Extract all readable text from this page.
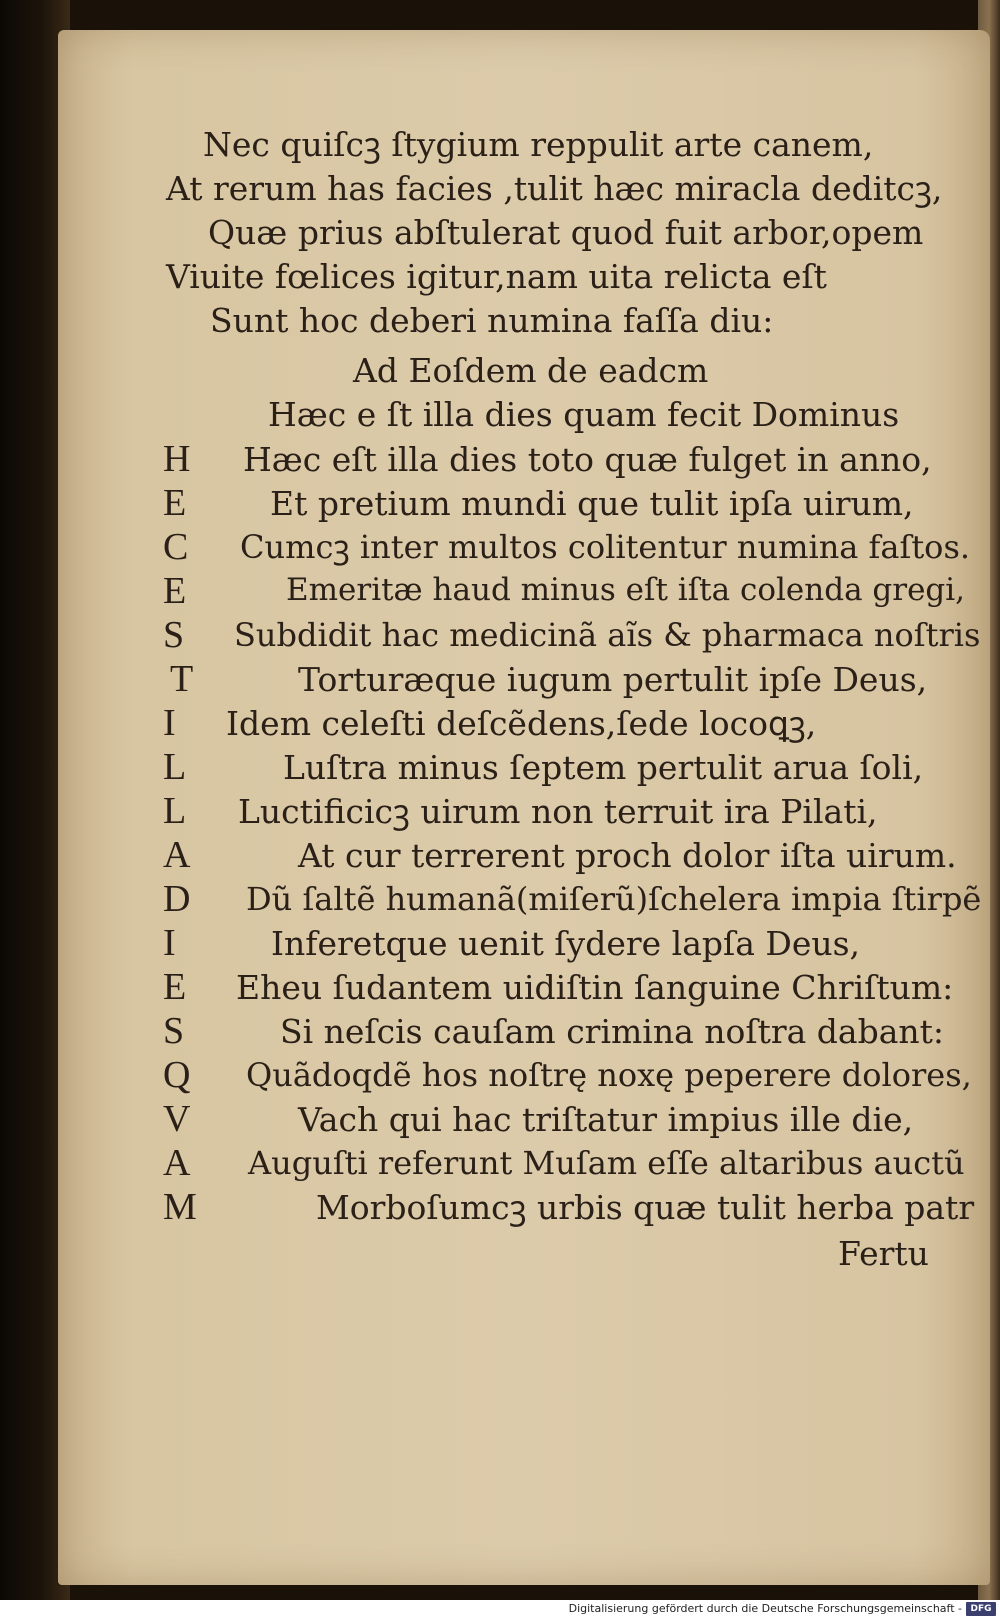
Nec quiſcꝫ ſtygium reppulit arte canem,
At rerum has facies ,tulit hæc miracla deditcꝫ,
Quæ prius abſtulerat quod fuit arbor,opem
Viuite fœlices igitur,nam uita relicta eſt
Sunt hoc deberi numina faſſa diu:
Ad Eoſdem de eadcm
Hæc e ſt illa dies quam fecit Dominus
H
E
C
E
S
T
I
L
L
A
D
I
E
S
Q
V
A
M
Hæc eſt illa dies toto quæ fulget in anno,
Et pretium mundi que tulit ipſa uirum,
Cumcꝫ inter multos colitentur numina faſtos.
Emeritæ haud minus eſt iſta colenda gregi,
Subdidit hac medicinã aĩs & pharmaca noſtris
Torturæque iugum pertulit ipſe Deus,
Idem celeſti deſcẽdens,ſede locoꝗꝫ,
Luſtra minus ſeptem pertulit arua ſoli,
Luctificicꝫ uirum non terruit ira Pilati,
At cur terrerent proch dolor iſta uirum.
Dũ ſaltẽ humanã(miſerũ)ſchelera impia ſtirpẽ
Inferetque uenit ſydere lapſa Deus,
Eheu ſudantem uidiſtin ſanguine Chriſtum:
Si neſcis cauſam crimina noſtra dabant:
Quãdoqdẽ hos noſtrę noxę peperere dolores,
Vach qui hac triſtatur impius ille die,
Auguſti referunt Muſam eſſe altaribus auctũ
Morboſumcꝫ urbis quæ tulit herba patr
Fertu
Digitalisierung gefördert durch die Deutsche Forschungsgemeinschaft - DFG
